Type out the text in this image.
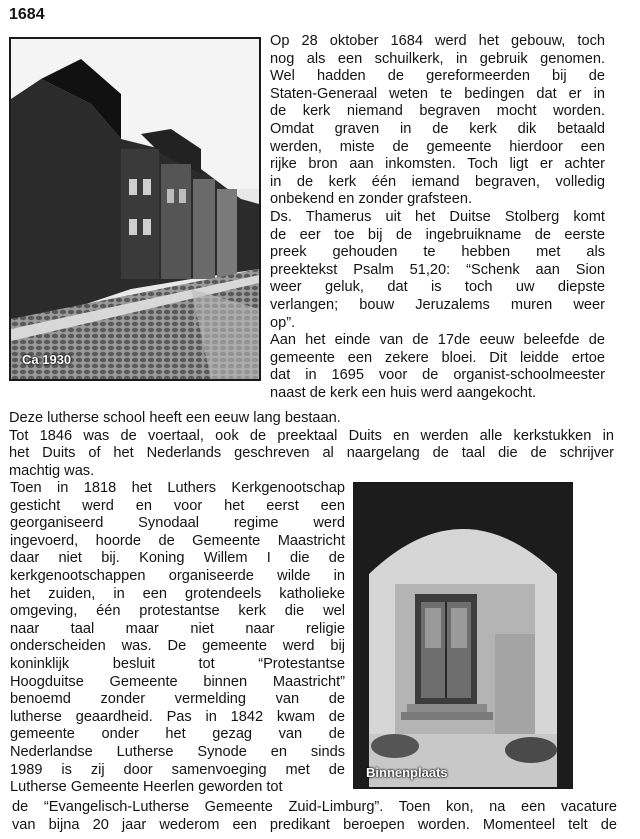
1684
Ca 1930
Op 28 oktober 1684 werd het gebouw, toch
nog als een schuilkerk, in gebruik genomen.
Wel hadden de gereformeerden bij de
Staten-Generaal weten te bedingen dat er in
de kerk niemand begraven mocht worden.
Omdat graven in de kerk dik betaald
werden, miste de gemeente hierdoor een
rijke bron aan inkomsten. Toch ligt er achter
in de kerk één iemand begraven, volledig
onbekend en zonder grafsteen.
Ds. Thamerus uit het Duitse Stolberg komt
de eer toe bij de ingebruikname de eerste
preek gehouden te hebben met als
preektekst Psalm 51,20: “Schenk aan Sion
weer geluk, dat is toch uw diepste
verlangen; bouw Jeruzalems muren weer
op”.
Aan het einde van de 17de eeuw beleefde de
gemeente een zekere bloei. Dit leidde ertoe
dat in 1695 voor de organist-schoolmeester
naast de kerk een huis werd aangekocht.
Deze lutherse school heeft een eeuw lang bestaan.
Tot 1846 was de voertaal, ook de preektaal Duits en werden alle kerkstukken in
het Duits of het Nederlands geschreven al naargelang de taal die de schrijver
machtig was.
Toen in 1818 het Luthers Kerkgenootschap
gesticht werd en voor het eerst een
georganiseerd Synodaal regime werd
ingevoerd, hoorde de Gemeente Maastricht
daar niet bij. Koning Willem I die de
kerkgenootschappen organiseerde wilde in
het zuiden, in een grotendeels katholieke
omgeving, één protestantse kerk die wel
naar taal maar niet naar religie
onderscheiden was. De gemeente werd bij
koninklijk besluit tot “Protestantse
Hoogduitse Gemeente binnen Maastricht”
benoemd zonder vermelding van de
lutherse geaardheid. Pas in 1842 kwam de
gemeente onder het gezag van de
Nederlandse Lutherse Synode en sinds
1989 is zij door samenvoeging met de
Lutherse Gemeente Heerlen geworden tot
Binnenplaats
de “Evangelisch-Lutherse Gemeente Zuid-Limburg”. Toen kon, na een vacature
van bijna 20 jaar wederom een predikant beroepen worden. Momenteel telt de
